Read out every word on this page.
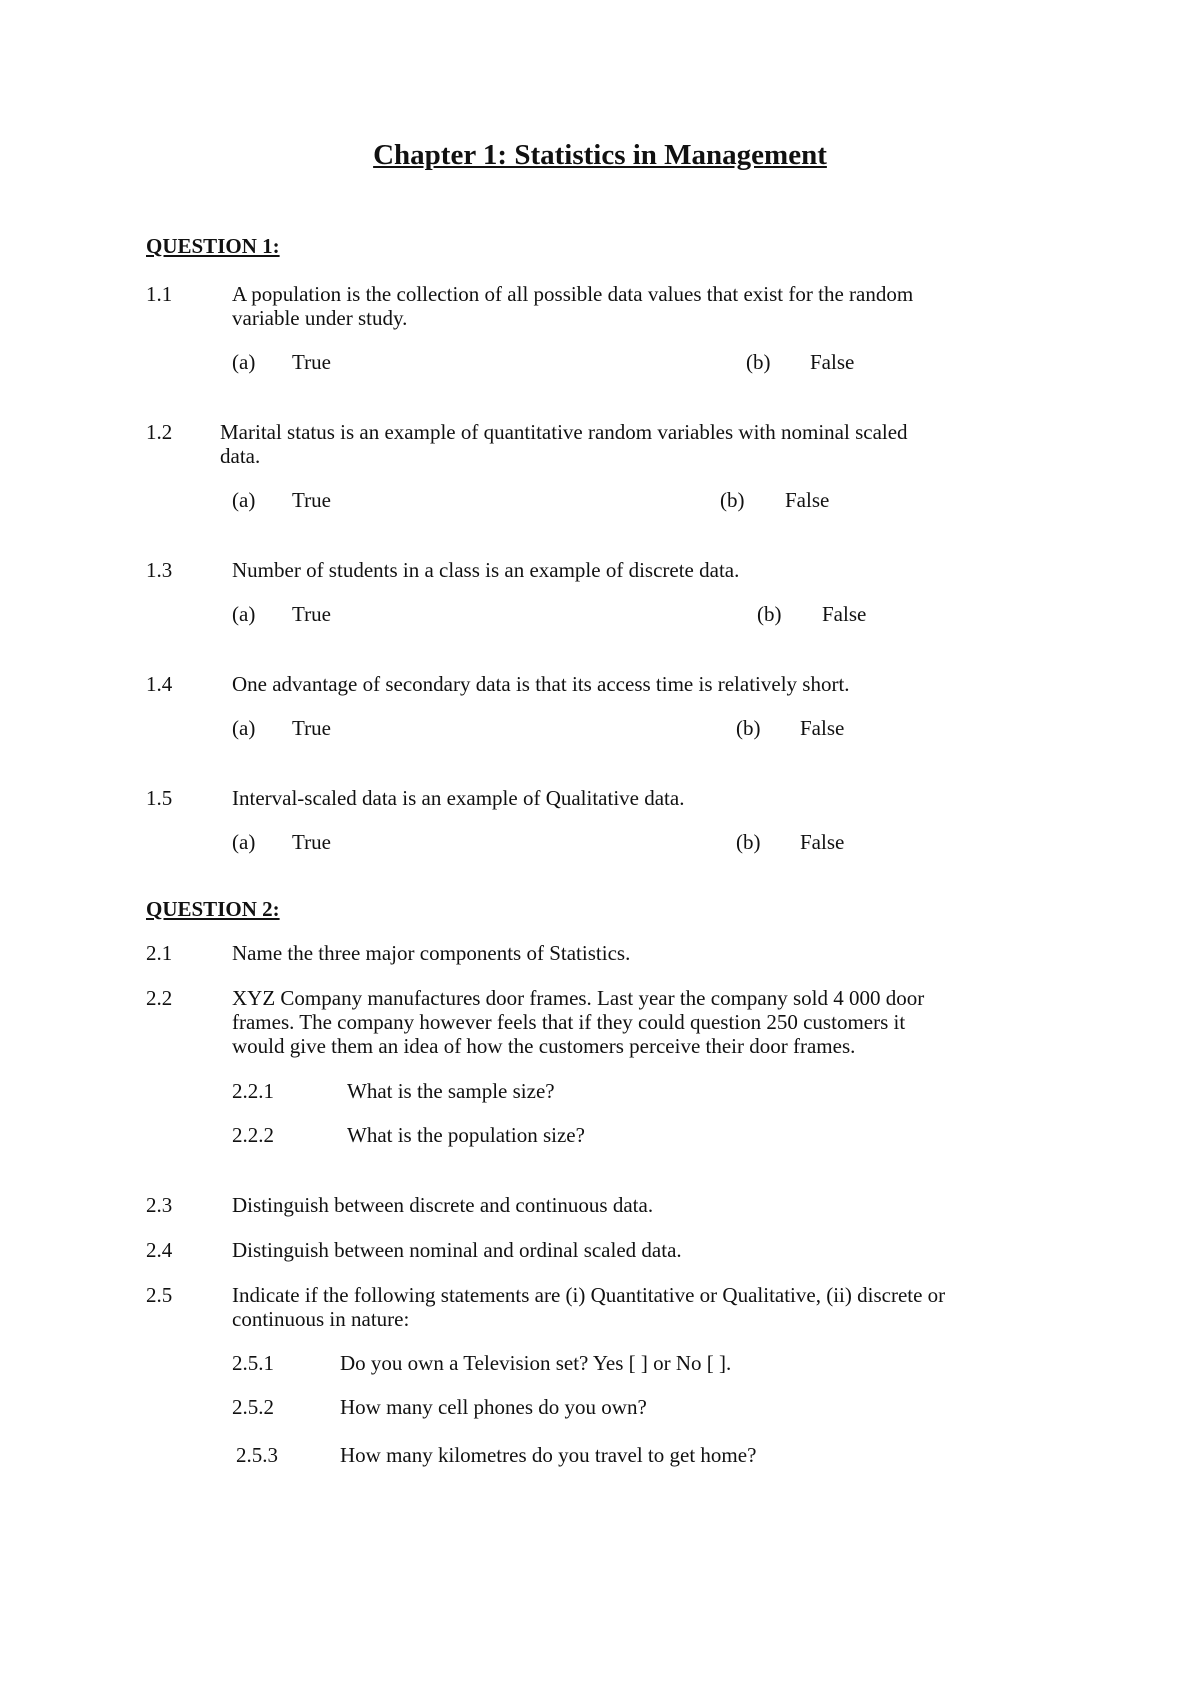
Chapter 1: Statistics in Management
QUESTION 1:
1.1	A population is the collection of all possible data values that exist for the random
variable under study.
(a) True	(b) False
1.2 Marital status is an example of quantitative random variables with nominal scaled
data.
(a) True	(b) False
1.3	Number of students in a class is an example of discrete data.
(a) True	(b) False
1.4	One advantage of secondary data is that its access time is relatively short.
(a) True	(b) False
1.5	Interval-scaled data is an example of Qualitative data.
(a) True	(b) False
QUESTION 2:
2.1	Name the three major components of Statistics.
2.2	XYZ Company manufactures door frames. Last year the company sold 4 000 door
frames. The company however feels that if they could question 250 customers it
would give them an idea of how the customers perceive their door frames.
2.2.1	What is the sample size?
2.2.2	What is the population size?
2.3	Distinguish between discrete and continuous data.
2.4	Distinguish between nominal and ordinal scaled data.
2.5	Indicate if the following statements are (i) Quantitative or Qualitative, (ii) discrete or
continuous in nature:
2.5.1	Do you own a Television set? Yes [ ] or No [ ].
2.5.2	How many cell phones do you own?
2.5.3	How many kilometres do you travel to get home?
